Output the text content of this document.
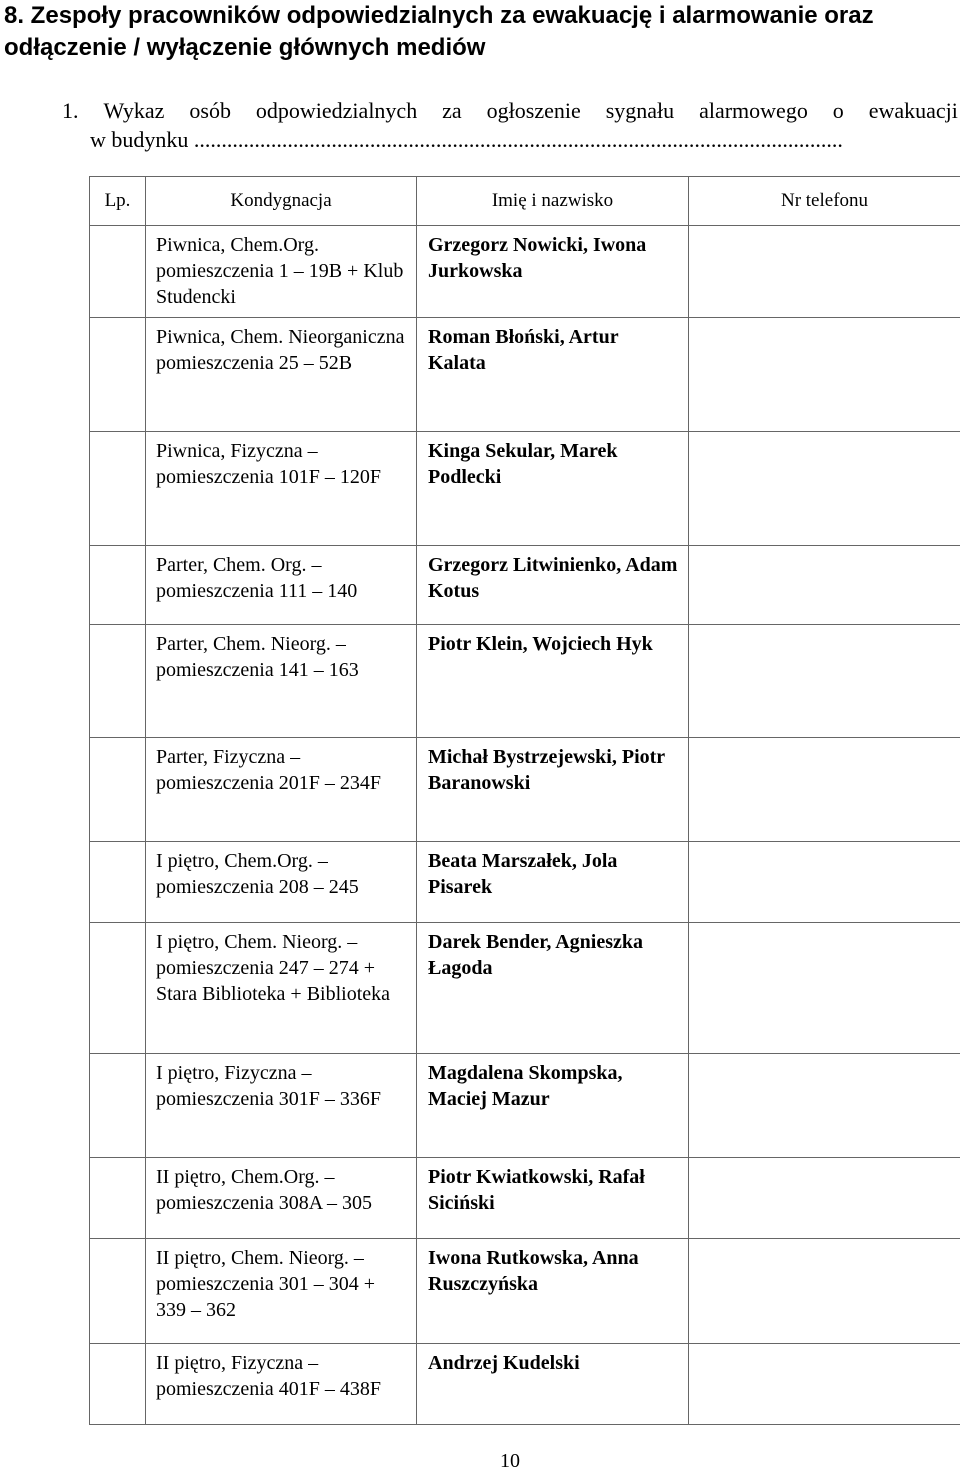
8. Zespoły pracowników odpowiedzialnych za ewakuację i alarmowanie oraz odłączenie / wyłączenie głównych mediów
1. Wykaz osób odpowiedzialnych za ogłoszenie sygnału alarmowego o ewakuacji
w budynku ......................................................................................................................
Lp.	Kondygnacja	Imię i nazwisko	Nr telefonu
	Piwnica, Chem.Org. pomieszczenia 1 – 19B + Klub Studencki	Grzegorz Nowicki, Iwona Jurkowska	
	Piwnica, Chem. Nieorganiczna pomieszczenia 25 – 52B	Roman Błoński, Artur Kalata	
	Piwnica, Fizyczna – pomieszczenia 101F – 120F	Kinga Sekular, Marek Podlecki	
	Parter, Chem. Org. – pomieszczenia 111 – 140	Grzegorz Litwinienko, Adam Kotus	
	Parter, Chem. Nieorg. – pomieszczenia 141 – 163	Piotr Klein, Wojciech Hyk	
	Parter, Fizyczna – pomieszczenia 201F – 234F	Michał Bystrzejewski, Piotr Baranowski	
	I piętro, Chem.Org. – pomieszczenia 208 – 245	Beata Marszałek, Jola Pisarek	
	I piętro, Chem. Nieorg. – pomieszczenia 247 – 274 + Stara Biblioteka + Biblioteka	Darek Bender, Agnieszka Łagoda	
	I piętro, Fizyczna – pomieszczenia 301F – 336F	Magdalena Skompska, Maciej Mazur	
	II piętro, Chem.Org. – pomieszczenia 308A – 305	Piotr Kwiatkowski, Rafał Siciński	
	II piętro, Chem. Nieorg. – pomieszczenia 301 – 304 + 339 – 362	Iwona Rutkowska, Anna Ruszczyńska	
	II piętro, Fizyczna – pomieszczenia 401F – 438F	Andrzej Kudelski	
10
